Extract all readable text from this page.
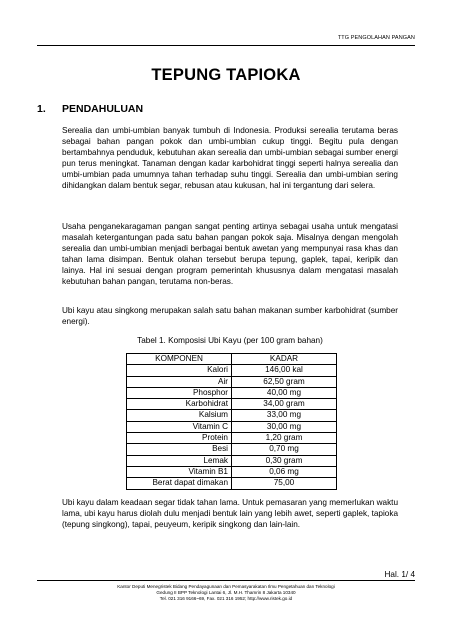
TTG PENGOLAHAN PANGAN
TEPUNG TAPIOKA
1. PENDAHULUAN

Serealia dan umbi-umbian banyak tumbuh di Indonesia. Produksi serealia terutama beras sebagai bahan pangan pokok dan umbi-umbian cukup tinggi. Begitu pula dengan bertambahnya penduduk, kebutuhan akan serealia dan umbi-umbian sebagai sumber energi pun terus meningkat. Tanaman dengan kadar karbohidrat tinggi seperti halnya serealia dan umbi-umbian pada umumnya tahan terhadap suhu tinggi. Serealia dan umbi-umbian sering dihidangkan dalam bentuk segar, rebusan atau kukusan, hal ini tergantung dari selera.

Usaha penganekaragaman pangan sangat penting artinya sebagai usaha untuk mengatasi masalah ketergantungan pada satu bahan pangan pokok saja. Misalnya dengan mengolah serealia dan umbi-umbian menjadi berbagai bentuk awetan yang mempunyai rasa khas dan tahan lama disimpan. Bentuk olahan tersebut berupa tepung, gaplek, tapai, keripik dan lainya. Hal ini sesuai dengan program pemerintah khususnya dalam mengatasi masalah kebutuhan bahan pangan, terutama non-beras.

Ubi kayu atau singkong merupakan salah satu bahan makanan sumber karbohidrat (sumber energi).

Tabel 1. Komposisi Ubi Kayu (per 100 gram bahan)
KOMPONEN	KADAR
Kalori	146,00 kal
Air	62,50 gram
Phosphor	40,00 mg
Karbohidrat	34,00 gram
Kalsium	33,00 mg
Vitamin C	30,00 mg
Protein	1,20 gram
Besi	0,70 mg
Lemak	0,30 gram
Vitamin B1	0,06 mg
Berat dapat dimakan	75,00

Ubi kayu dalam keadaan segar tidak tahan lama. Untuk pemasaran yang memerlukan waktu lama, ubi kayu harus diolah dulu menjadi bentuk lain yang lebih awet, seperti gaplek, tapioka (tepung singkong), tapai, peuyeum, keripik singkong dan lain-lain.

Hal. 1/ 4
Kantor Deputi Menegristek Bidang Pendayagunaan dan Pemasyarakatan Ilmu Pengetahuan dan Teknologi
Gedung II BPP Teknologi Lantai 6, Jl. M.H. Thamrin 8 Jakarta 10340
Tel. 021 316 9166~69, Fax. 021 316 1952; http://www.ristek.go.id
